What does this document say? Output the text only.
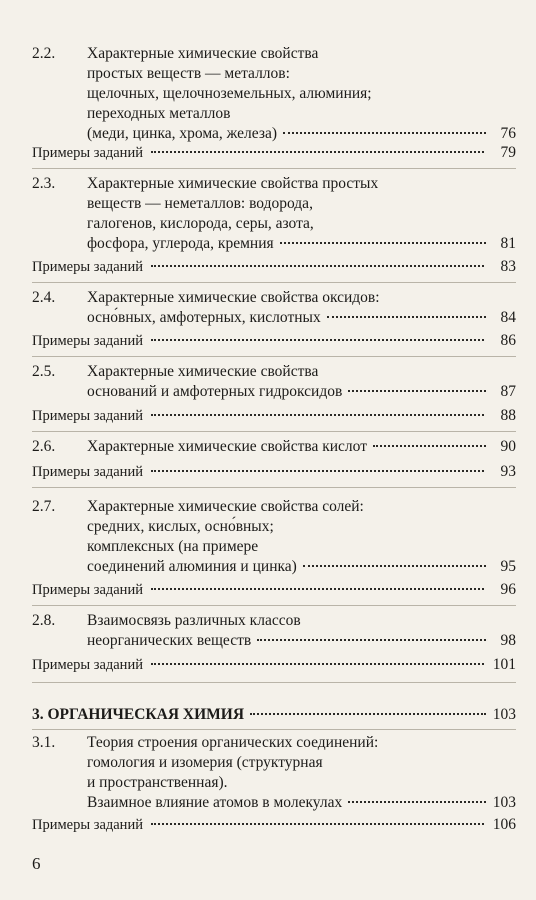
2.2. Характерные химические свойства
простых веществ — металлов:
щелочных, щелочноземельных, алюминия;
переходных металлов
(меди, цинка, хрома, железа)	76
Примеры заданий	79
2.3. Характерные химические свойства простых
веществ — неметаллов: водорода,
галогенов, кислорода, серы, азота,
фосфора, углерода, кремния	81
Примеры заданий	83
2.4. Характерные химические свойства оксидов:
осно́вных, амфотерных, кислотных	84
Примеры заданий	86
2.5. Характерные химические свойства
оснований и амфотерных гидроксидов	87
Примеры заданий	88
2.6. Характерные химические свойства кислот	90
Примеры заданий	93
2.7. Характерные химические свойства солей:
средних, кислых, осно́вных;
комплексных (на примере
соединений алюминия и цинка)	95
Примеры заданий	96
2.8. Взаимосвязь различных классов
неорганических веществ	98
Примеры заданий	101
3. ОРГАНИЧЕСКАЯ ХИМИЯ	103
3.1. Теория строения органических соединений:
гомология и изомерия (структурная
и пространственная).
Взаимное влияние атомов в молекулах	103
Примеры заданий	106
6
